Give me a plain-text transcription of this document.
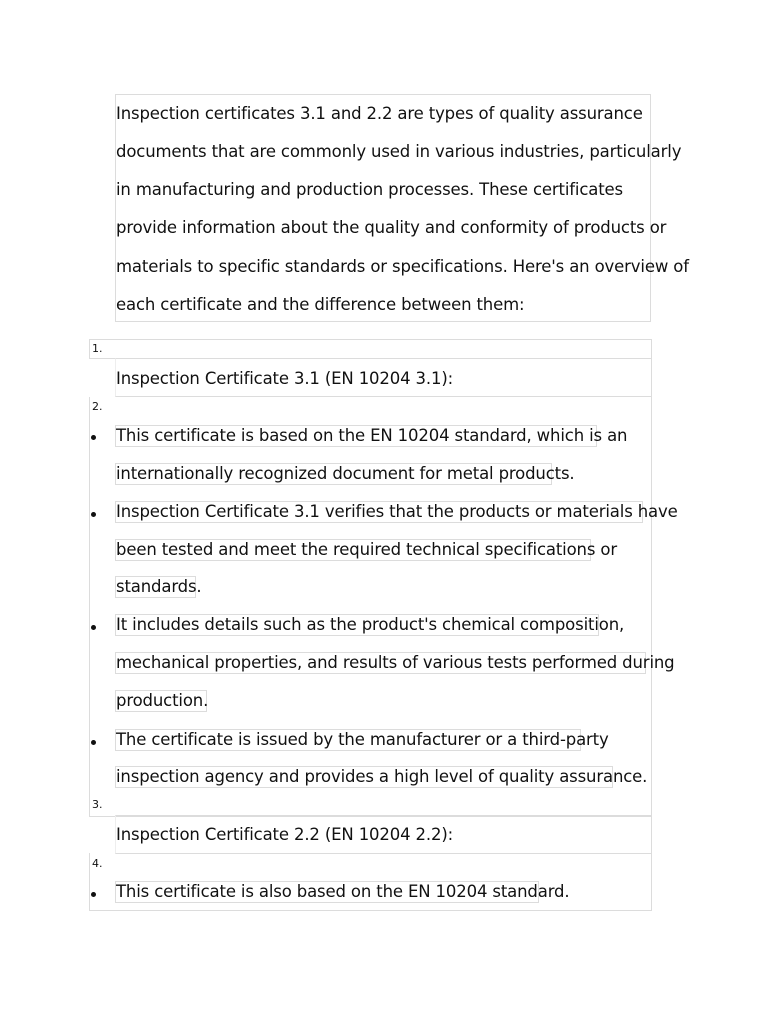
Inspection certificates 3.1 and 2.2 are types of quality assurance
documents that are commonly used in various industries, particularly
in manufacturing and production processes. These certificates
provide information about the quality and conformity of products or
materials to specific standards or specifications. Here's an overview of
each certificate and the difference between them:
1.
Inspection Certificate 3.1 (EN 10204 3.1):
2.
This certificate is based on the EN 10204 standard, which is an
internationally recognized document for metal products.
Inspection Certificate 3.1 verifies that the products or materials have
been tested and meet the required technical specifications or
standards.
It includes details such as the product's chemical composition,
mechanical properties, and results of various tests performed during
production.
The certificate is issued by the manufacturer or a third-party
inspection agency and provides a high level of quality assurance.
3.
Inspection Certificate 2.2 (EN 10204 2.2):
4.
This certificate is also based on the EN 10204 standard.
